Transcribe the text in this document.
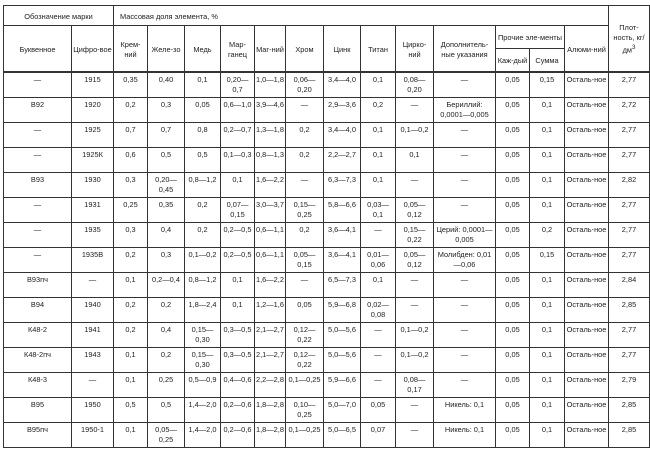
Обозначение марки		Массовая доля элемента, %													Плот-ность, $кг/дм^3$
Буквенное	Цифро-вое	Крем-ний	Желе-зо	Медь	Мар-ганец	Маг-ний	Хром	Цинк	Титан	Цирко-ний	Дополнитель-ные указания	Прочие эле-менты		Алюми-ний	
												Каж-дый	Сумма		
—	1915	0,35	0,40	0,1	0,20—0,7	1,0—1,8	0,06—0,20	3,4—4,0	0,1	0,08—0,20	—	0,05	0,15	Осталь-ное	2,77
В92	1920	0,2	0,3	0,05	0,6—1,0	3,9—4,6	—	2,9—3,6	0,2	—	Бериллий: 0,0001—0,005	0,05	0,1	Осталь-ное	2,72
—	1925	0,7	0,7	0,8	0,2—0,7	1,3—1,8	0,2	3,4—4,0	0,1	0,1—0,2	—	0,05	0,1	Осталь-ное	2,77
—	1925К	0,6	0,5	0,5	0,1—0,3	0,8—1,3	0,2	2,2—2,7	0,1	0,1	—	0,05	0,1	Осталь-ное	2,77
В93	1930	0,3	0,20—0,45	0,8—1,2	0,1	1,6—2,2	—	6,3—7,3	0,1	—	—	0,05	0,1	Осталь-ное	2,82
—	1931	0,25	0,35	0,2	0,07—0,15	3,0—3,7	0,15—0,25	5,8—6,6	0,03—0,1	0,05—0,12	—	0,05	0,1	Осталь-ное	2,77
—	1935	0,3	0,4	0,2	0,2—0,5	0,6—1,1	0,2	3,6—4,1	—	0,15—0,22	Церий: 0,0001—0,005	0,05	0,2	Осталь-ное	2,77
—	1935В	0,2	0,3	0,1—0,2	0,2—0,5	0,6—1,1	0,05—0,15	3,6—4,1	0,01—0,06	0,05—0,12	Молибден: 0,01—0,06	0,05	0,15	Осталь-ное	2,77
В93пч	—	0,1	0,2—0,4	0,8—1,2	0,1	1,6—2,2	—	6,5—7,3	0,1	—	—	0,05	0,1	Осталь-ное	2,84
В94	1940	0,2	0,2	1,8—2,4	0,1	1,2—1,6	0,05	5,9—6,8	0,02—0,08	—	—	0,05	0,1	Осталь-ное	2,85
К48-2	1941	0,2	0,4	0,15—0,30	0,3—0,5	2,1—2,7	0,12—0,22	5,0—5,6	—	0,1—0,2	—	0,05	0,1	Осталь-ное	2,77
К48-2пч	1943	0,1	0,2	0,15—0,30	0,3—0,5	2,1—2,7	0,12—0,22	5,0—5,6	—	0,1—0,2	—	0,05	0,1	Осталь-ное	2,77
К48-3	—	0,1	0,25	0,5—0,9	0,4—0,6	2,2—2,8	0,1—0,25	5,9—6,6	—	0,08—0,17	—	0,05	0,1	Осталь-ное	2,79
В95	1950	0,5	0,5	1,4—2,0	0,2—0,6	1,8—2,8	0,10—0,25	5,0—7,0	0,05	—	Никель: 0,1	0,05	0,1	Осталь-ное	2,85
В95пч	1950-1	0,1	0,05—0,25	1,4—2,0	0,2—0,6	1,8—2,8	0,1—0,25	5,0—6,5	0,07	—	Никель: 0,1	0,05	0,1	Осталь-ное	2,85
